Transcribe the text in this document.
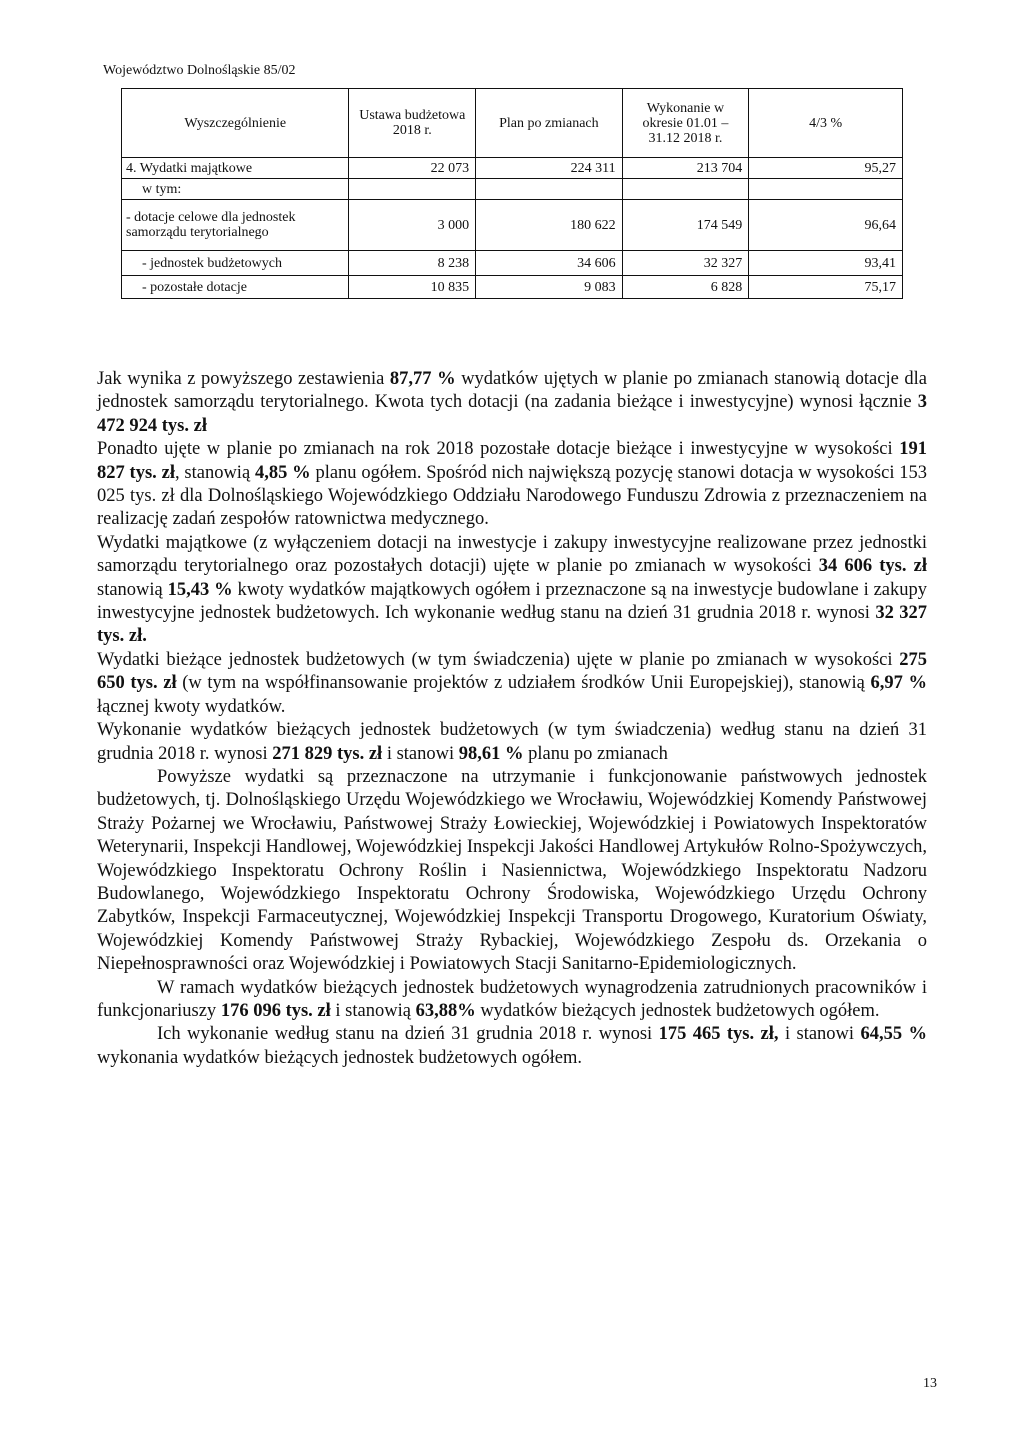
Województwo Dolnośląskie 85/02
Wyszczególnienie	Ustawa budżetowa 2018 r.	Plan po zmianach	Wykonanie w okresie 01.01 – 31.12 2018 r.	4/3 %
4. Wydatki majątkowe	22 073	224 311	213 704	95,27
w tym:				
- dotacje celowe dla jednostek samorządu terytorialnego	3 000	180 622	174 549	96,64
- jednostek budżetowych	8 238	34 606	32 327	93,41
- pozostałe dotacje	10 835	9 083	6 828	75,17

Jak wynika z powyższego zestawienia 87,77 % wydatków ujętych w planie po zmianach stanowią dotacje dla jednostek samorządu terytorialnego. Kwota tych dotacji (na zadania bieżące i inwestycyjne) wynosi łącznie 3 472 924 tys. zł

Ponadto ujęte w planie po zmianach na rok 2018 pozostałe dotacje bieżące i inwestycyjne w wysokości 191 827 tys. zł, stanowią 4,85 % planu ogółem. Spośród nich największą pozycję stanowi dotacja w wysokości 153 025 tys. zł dla Dolnośląskiego Wojewódzkiego Oddziału Narodowego Funduszu Zdrowia z przeznaczeniem na realizację zadań zespołów ratownictwa medycznego.

Wydatki majątkowe (z wyłączeniem dotacji na inwestycje i zakupy inwestycyjne realizowane przez jednostki samorządu terytorialnego oraz pozostałych dotacji) ujęte w planie po zmianach w wysokości 34 606 tys. zł stanowią 15,43 % kwoty wydatków majątkowych ogółem i przeznaczone są na inwestycje budowlane i zakupy inwestycyjne jednostek budżetowych. Ich wykonanie według stanu na dzień 31 grudnia 2018 r. wynosi 32 327 tys. zł.

Wydatki bieżące jednostek budżetowych (w tym świadczenia) ujęte w planie po zmianach w wysokości 275 650 tys. zł (w tym na współfinansowanie projektów z udziałem środków Unii Europejskiej), stanowią 6,97 % łącznej kwoty wydatków.

Wykonanie wydatków bieżących jednostek budżetowych (w tym świadczenia) według stanu na dzień 31 grudnia 2018 r. wynosi 271 829 tys. zł i stanowi 98,61 % planu po zmianach

Powyższe wydatki są przeznaczone na utrzymanie i funkcjonowanie państwowych jednostek budżetowych, tj. Dolnośląskiego Urzędu Wojewódzkiego we Wrocławiu, Wojewódzkiej Komendy Państwowej Straży Pożarnej we Wrocławiu, Państwowej Straży Łowieckiej, Wojewódzkiej i Powiatowych Inspektoratów Weterynarii, Inspekcji Handlowej, Wojewódzkiej Inspekcji Jakości Handlowej Artykułów Rolno-Spożywczych, Wojewódzkiego Inspektoratu Ochrony Roślin i Nasiennictwa, Wojewódzkiego Inspektoratu Nadzoru Budowlanego, Wojewódzkiego Inspektoratu Ochrony Środowiska, Wojewódzkiego Urzędu Ochrony Zabytków, Inspekcji Farmaceutycznej, Wojewódzkiej Inspekcji Transportu Drogowego, Kuratorium Oświaty, Wojewódzkiej Komendy Państwowej Straży Rybackiej, Wojewódzkiego Zespołu ds. Orzekania o Niepełnosprawności oraz Wojewódzkiej i Powiatowych Stacji Sanitarno-Epidemiologicznych.

W ramach wydatków bieżących jednostek budżetowych wynagrodzenia zatrudnionych pracowników i funkcjonariuszy 176 096 tys. zł i stanowią 63,88% wydatków bieżących jednostek budżetowych ogółem.

Ich wykonanie według stanu na dzień 31 grudnia 2018 r. wynosi 175 465 tys. zł, i stanowi 64,55 % wykonania wydatków bieżących jednostek budżetowych ogółem.

13
